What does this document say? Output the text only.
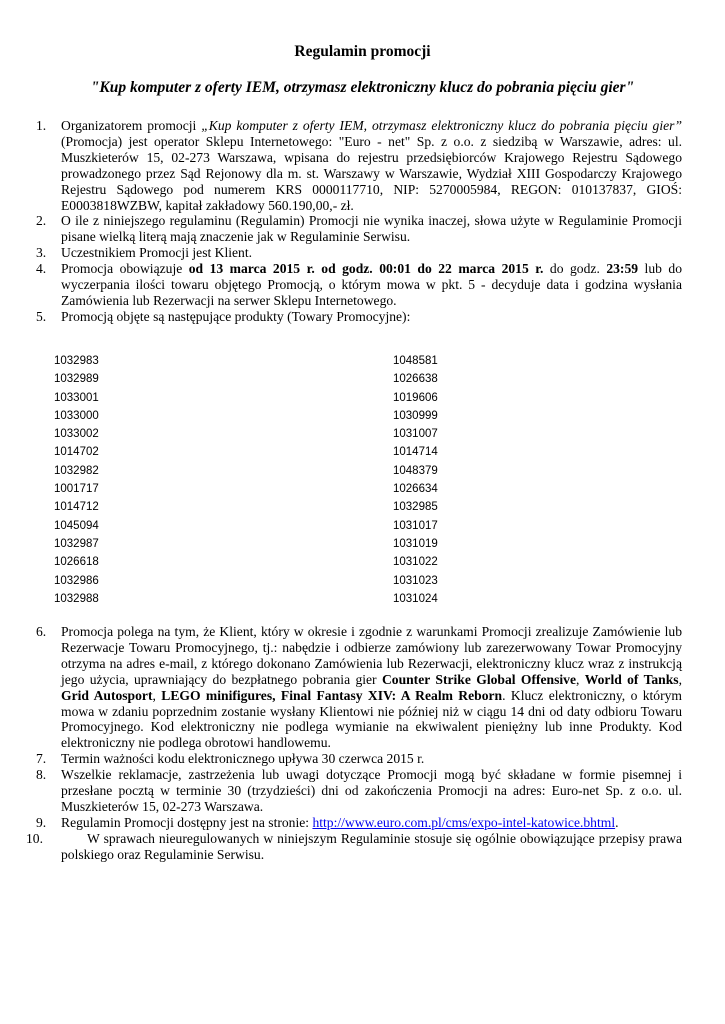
Regulamin promocji
"Kup komputer z oferty IEM, otrzymasz elektroniczny klucz do pobrania pięciu gier"
1. Organizatorem promocji „Kup komputer z oferty IEM, otrzymasz elektroniczny klucz do pobrania pięciu gier” (Promocja) jest operator Sklepu Internetowego: "Euro - net" Sp. z o.o. z siedzibą w Warszawie, adres: ul. Muszkieterów 15, 02-273 Warszawa, wpisana do rejestru przedsiębiorców Krajowego Rejestru Sądowego prowadzonego przez Sąd Rejonowy dla m. st. Warszawy w Warszawie, Wydział XIII Gospodarczy Krajowego Rejestru Sądowego pod numerem KRS 0000117710, NIP: 5270005984, REGON: 010137837, GIOŚ: E0003818WZBW, kapitał zakładowy 560.190,00,- zł.
2. O ile z niniejszego regulaminu (Regulamin) Promocji nie wynika inaczej, słowa użyte w Regulaminie Promocji pisane wielką literą mają znaczenie jak w Regulaminie Serwisu.
3. Uczestnikiem Promocji jest Klient.
4. Promocja obowiązuje od 13 marca 2015 r. od godz. 00:01 do 22 marca 2015 r. do godz. 23:59 lub do wyczerpania ilości towaru objętego Promocją, o którym mowa w pkt. 5 - decyduje data i godzina wysłania Zamówienia lub Rezerwacji na serwer Sklepu Internetowego.
5. Promocją objęte są następujące produkty (Towary Promocyjne):
1032983
1032989
1033001
1033000
1033002
1014702
1032982
1001717
1014712
1045094
1032987
1026618
1032986
1032988
1048581
1026638
1019606
1030999
1031007
1014714
1048379
1026634
1032985
1031017
1031019
1031022
1031023
1031024
6. Promocja polega na tym, że Klient, który w okresie i zgodnie z warunkami Promocji zrealizuje Zamówienie lub Rezerwacje Towaru Promocyjnego, tj.: nabędzie i odbierze zamówiony lub zarezerwowany Towar Promocyjny otrzyma na adres e-mail, z którego dokonano Zamówienia lub Rezerwacji, elektroniczny klucz wraz z instrukcją jego użycia, uprawniający do bezpłatnego pobrania gier Counter Strike Global Offensive, World of Tanks, Grid Autosport, LEGO minifigures, Final Fantasy XIV: A Realm Reborn. Klucz elektroniczny, o którym mowa w zdaniu poprzednim zostanie wysłany Klientowi nie później niż w ciągu 14 dni od daty odbioru Towaru Promocyjnego. Kod elektroniczny nie podlega wymianie na ekwiwalent pieniężny lub inne Produkty. Kod elektroniczny nie podlega obrotowi handlowemu.
7. Termin ważności kodu elektronicznego upływa 30 czerwca 2015 r.
8. Wszelkie reklamacje, zastrzeżenia lub uwagi dotyczące Promocji mogą być składane w formie pisemnej i przesłane pocztą w terminie 30 (trzydzieści) dni od zakończenia Promocji na adres: Euro-net Sp. z o.o. ul. Muszkieterów 15, 02-273 Warszawa.
9. Regulamin Promocji dostępny jest na stronie: http://www.euro.com.pl/cms/expo-intel-katowice.bhtml.
10.	W sprawach nieuregulowanych w niniejszym Regulaminie stosuje się ogólnie obowiązujące przepisy prawa polskiego oraz Regulaminie Serwisu.
